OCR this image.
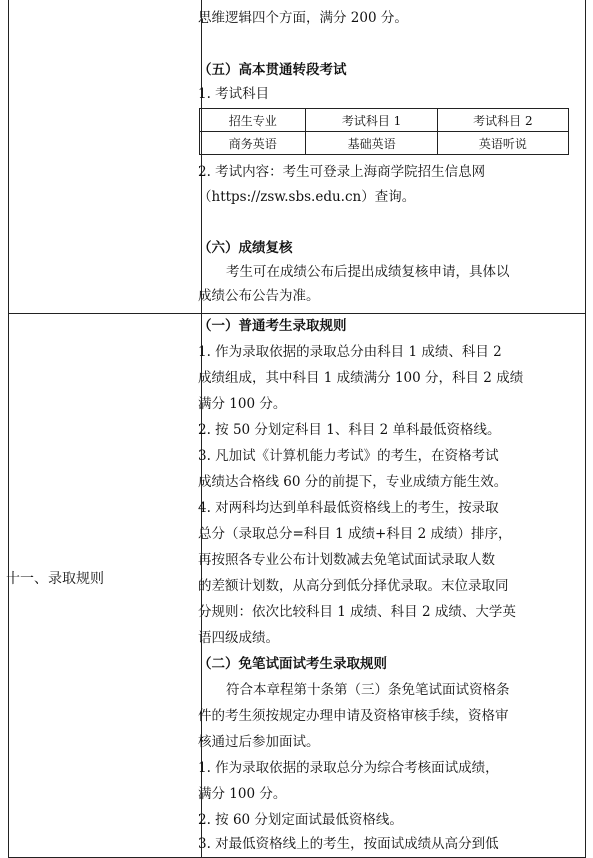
十一、录取规则
思维逻辑四个方面，满分 200 分。
（五）高本贯通转段考试
1. 考试科目
招生专业	考试科目 1	考试科目 2
商务英语	基础英语	英语听说
2. 考试内容：考生可登录上海商学院招生信息网
（https://zsw.sbs.edu.cn）查询。
（六）成绩复核
考生可在成绩公布后提出成绩复核申请，具体以
成绩公布公告为准。
（一）普通考生录取规则
1. 作为录取依据的录取总分由科目 1 成绩、科目 2
成绩组成，其中科目 1 成绩满分 100 分，科目 2 成绩
满分 100 分。
2. 按 50 分划定科目 1、科目 2 单科最低资格线。
3. 凡加试《计算机能力考试》的考生，在资格考试
成绩达合格线 60 分的前提下，专业成绩方能生效。
4. 对两科均达到单科最低资格线上的考生，按录取
总分（录取总分=科目 1 成绩+科目 2 成绩）排序，
再按照各专业公布计划数减去免笔试面试录取人数
的差额计划数，从高分到低分择优录取。末位录取同
分规则：依次比较科目 1 成绩、科目 2 成绩、大学英
语四级成绩。
（二）免笔试面试考生录取规则
符合本章程第十条第（三）条免笔试面试资格条
件的考生须按规定办理申请及资格审核手续，资格审
核通过后参加面试。
1. 作为录取依据的录取总分为综合考核面试成绩，
满分 100 分。
2. 按 60 分划定面试最低资格线。
3. 对最低资格线上的考生，按面试成绩从高分到低
